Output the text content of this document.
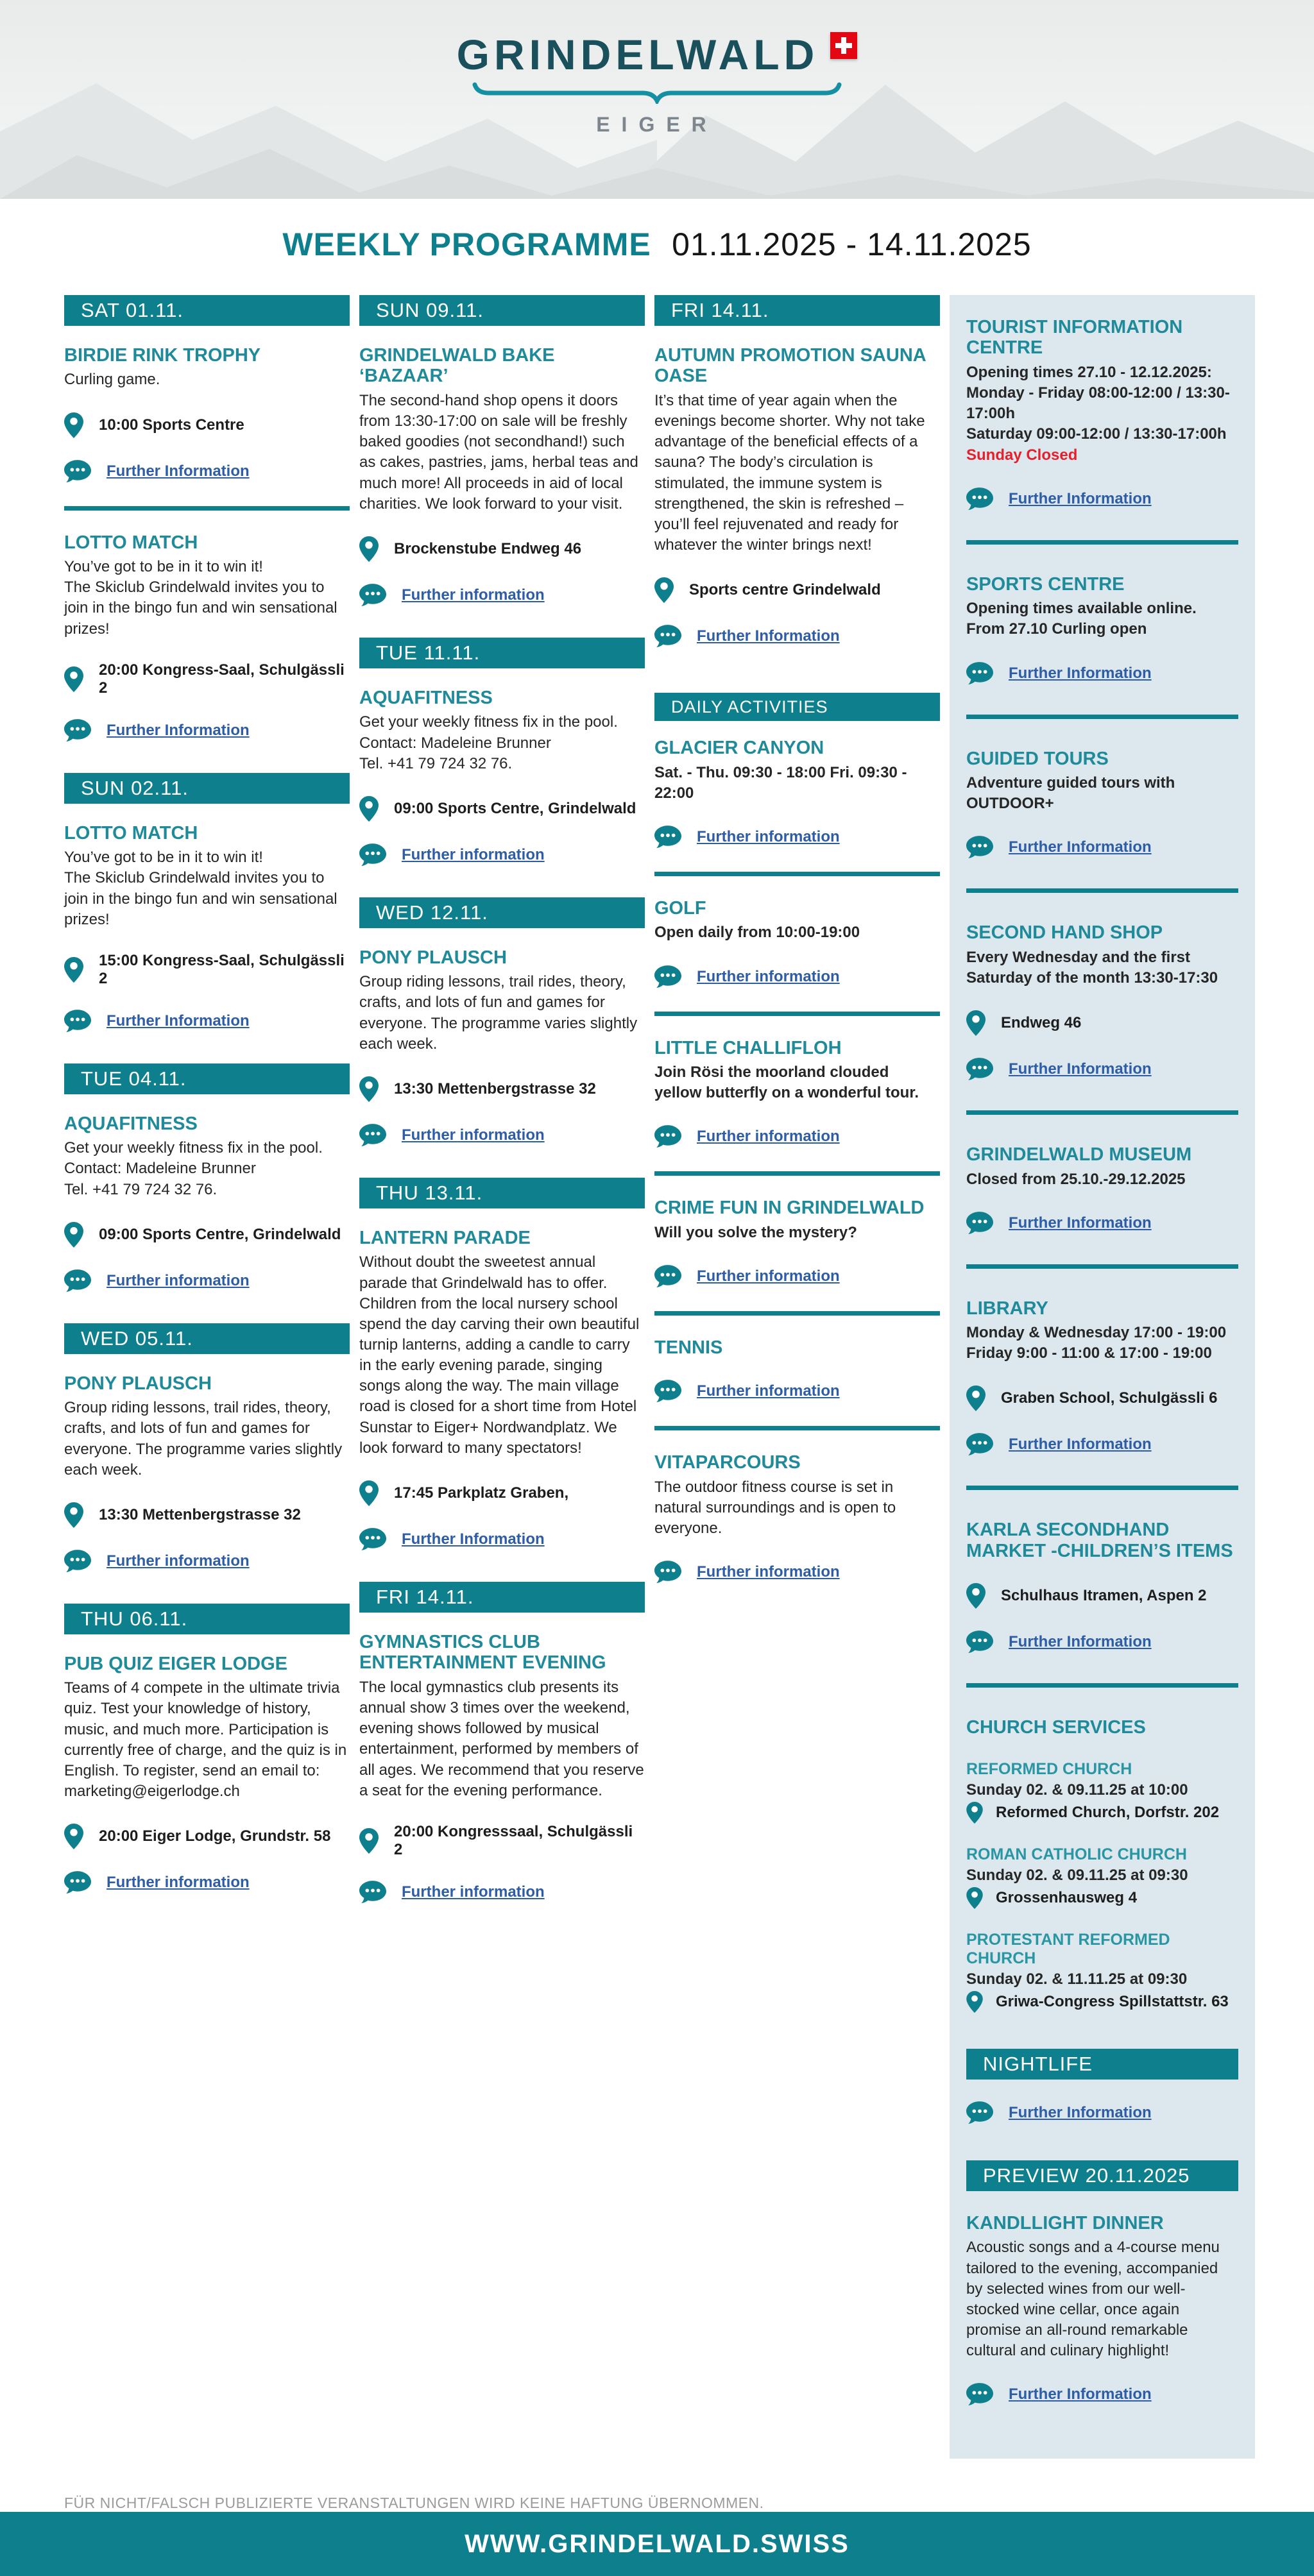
GRINDELWALD
EIGER
WEEKLY PROGRAMME 01.11.2025 - 14.11.2025
SAT 01.11.
BIRDIE RINK TROPHY
Curling game.
10:00 Sports Centre
Further Information
LOTTO MATCH
You’ve got to be in it to win it!
The Skiclub Grindelwald invites you to join in the bingo fun and win sensational prizes!
20:00 Kongress-Saal, Schulgässli 2
Further Information
SUN 02.11.
LOTTO MATCH
You’ve got to be in it to win it!
The Skiclub Grindelwald invites you to join in the bingo fun and win sensational prizes!
15:00 Kongress-Saal, Schulgässli 2
Further Information
TUE 04.11.
AQUAFITNESS
Get your weekly fitness fix in the pool.
Contact: Madeleine Brunner
Tel. +41 79 724 32 76.
09:00 Sports Centre, Grindelwald
Further information
WED 05.11.
PONY PLAUSCH
Group riding lessons, trail rides, theory, crafts, and lots of fun and games for everyone. The programme varies slightly each week.
13:30 Mettenbergstrasse 32
Further information
THU 06.11.
PUB QUIZ EIGER LODGE
Teams of 4 compete in the ultimate trivia quiz. Test your knowledge of history, music, and much more. Participation is currently free of charge, and the quiz is in English. To register, send an email to: marketing@eigerlodge.ch
20:00 Eiger Lodge, Grundstr. 58
Further information
SUN 09.11.
GRINDELWALD BAKE ‘BAZAAR’
The second-hand shop opens it doors from 13:30-17:00 on sale will be freshly baked goodies (not secondhand!) such as cakes, pastries, jams, herbal teas and much more! All proceeds in aid of local charities. We look forward to your visit.
Brockenstube Endweg 46
Further information
TUE 11.11.
AQUAFITNESS
Get your weekly fitness fix in the pool.
Contact: Madeleine Brunner
Tel. +41 79 724 32 76.
09:00 Sports Centre, Grindelwald
Further information
WED 12.11.
PONY PLAUSCH
Group riding lessons, trail rides, theory, crafts, and lots of fun and games for everyone. The programme varies slightly each week.
13:30 Mettenbergstrasse 32
Further information
THU 13.11.
LANTERN PARADE
Without doubt the sweetest annual parade that Grindelwald has to offer. Children from the local nursery school spend the day carving their own beautiful turnip lanterns, adding a candle to carry in the early evening parade, singing songs along the way. The main village road is closed for a short time from Hotel Sunstar to Eiger+ Nordwandplatz. We look forward to many spectators!
17:45 Parkplatz Graben,
Further Information
FRI 14.11.
GYMNASTICS CLUB ENTERTAINMENT EVENING
The local gymnastics club presents its annual show 3 times over the weekend, evening shows followed by musical entertainment, performed by members of all ages. We recommend that you reserve a seat for the evening performance.
20:00 Kongresssaal, Schulgässli 2
Further information
FRI 14.11.
AUTUMN PROMOTION SAUNA OASE
It’s that time of year again when the evenings become shorter. Why not take advantage of the beneficial effects of a sauna? The body’s circulation is stimulated, the immune system is strengthened, the skin is refreshed – you’ll feel rejuvenated and ready for whatever the winter brings next!
Sports centre Grindelwald
Further Information
DAILY ACTIVITIES
GLACIER CANYON
Sat. - Thu. 09:30 - 18:00 Fri. 09:30 - 22:00
Further information
GOLF
Open daily from 10:00-19:00
Further information
LITTLE CHALLIFLOH
Join Rösi the moorland clouded yellow butterfly on a wonderful tour.
Further information
CRIME FUN IN GRINDELWALD
Will you solve the mystery?
Further information
TENNIS
Further information
VITAPARCOURS
The outdoor fitness course is set in natural surroundings and is open to everyone.
Further information
TOURIST INFORMATION CENTRE
Opening times 27.10 - 12.12.2025:
Monday - Friday 08:00-12:00 / 13:30-17:00h
Saturday 09:00-12:00 / 13:30-17:00h
Sunday Closed
Further Information
SPORTS CENTRE
Opening times available online.
From 27.10 Curling open
Further Information
GUIDED TOURS
Adventure guided tours with OUTDOOR+
Further Information
SECOND HAND SHOP
Every Wednesday and the first Saturday of the month 13:30-17:30
Endweg 46
Further Information
GRINDELWALD MUSEUM
Closed from 25.10.-29.12.2025
Further Information
LIBRARY
Monday & Wednesday 17:00 - 19:00
Friday 9:00 - 11:00 & 17:00 - 19:00
Graben School, Schulgässli 6
Further Information
KARLA SECONDHAND MARKET -CHILDREN’S ITEMS
Schulhaus Itramen, Aspen 2
Further Information
CHURCH SERVICES
REFORMED CHURCH
Sunday 02. & 09.11.25 at 10:00
Reformed Church, Dorfstr. 202
ROMAN CATHOLIC CHURCH
Sunday 02. & 09.11.25 at 09:30
Grossenhausweg 4
PROTESTANT REFORMED CHURCH
Sunday 02. & 11.11.25 at 09:30
Griwa-Congress Spillstattstr. 63
NIGHTLIFE
Further Information
PREVIEW 20.11.2025
KANDLLIGHT DINNER
Acoustic songs and a 4-course menu tailored to the evening, accompanied by selected wines from our well-stocked wine cellar, once again promise an all-round remarkable cultural and culinary highlight!
Further Information
FÜR NICHT/FALSCH PUBLIZIERTE VERANSTALTUNGEN WIRD KEINE HAFTUNG ÜBERNOMMEN.
WWW.GRINDELWALD.SWISS
